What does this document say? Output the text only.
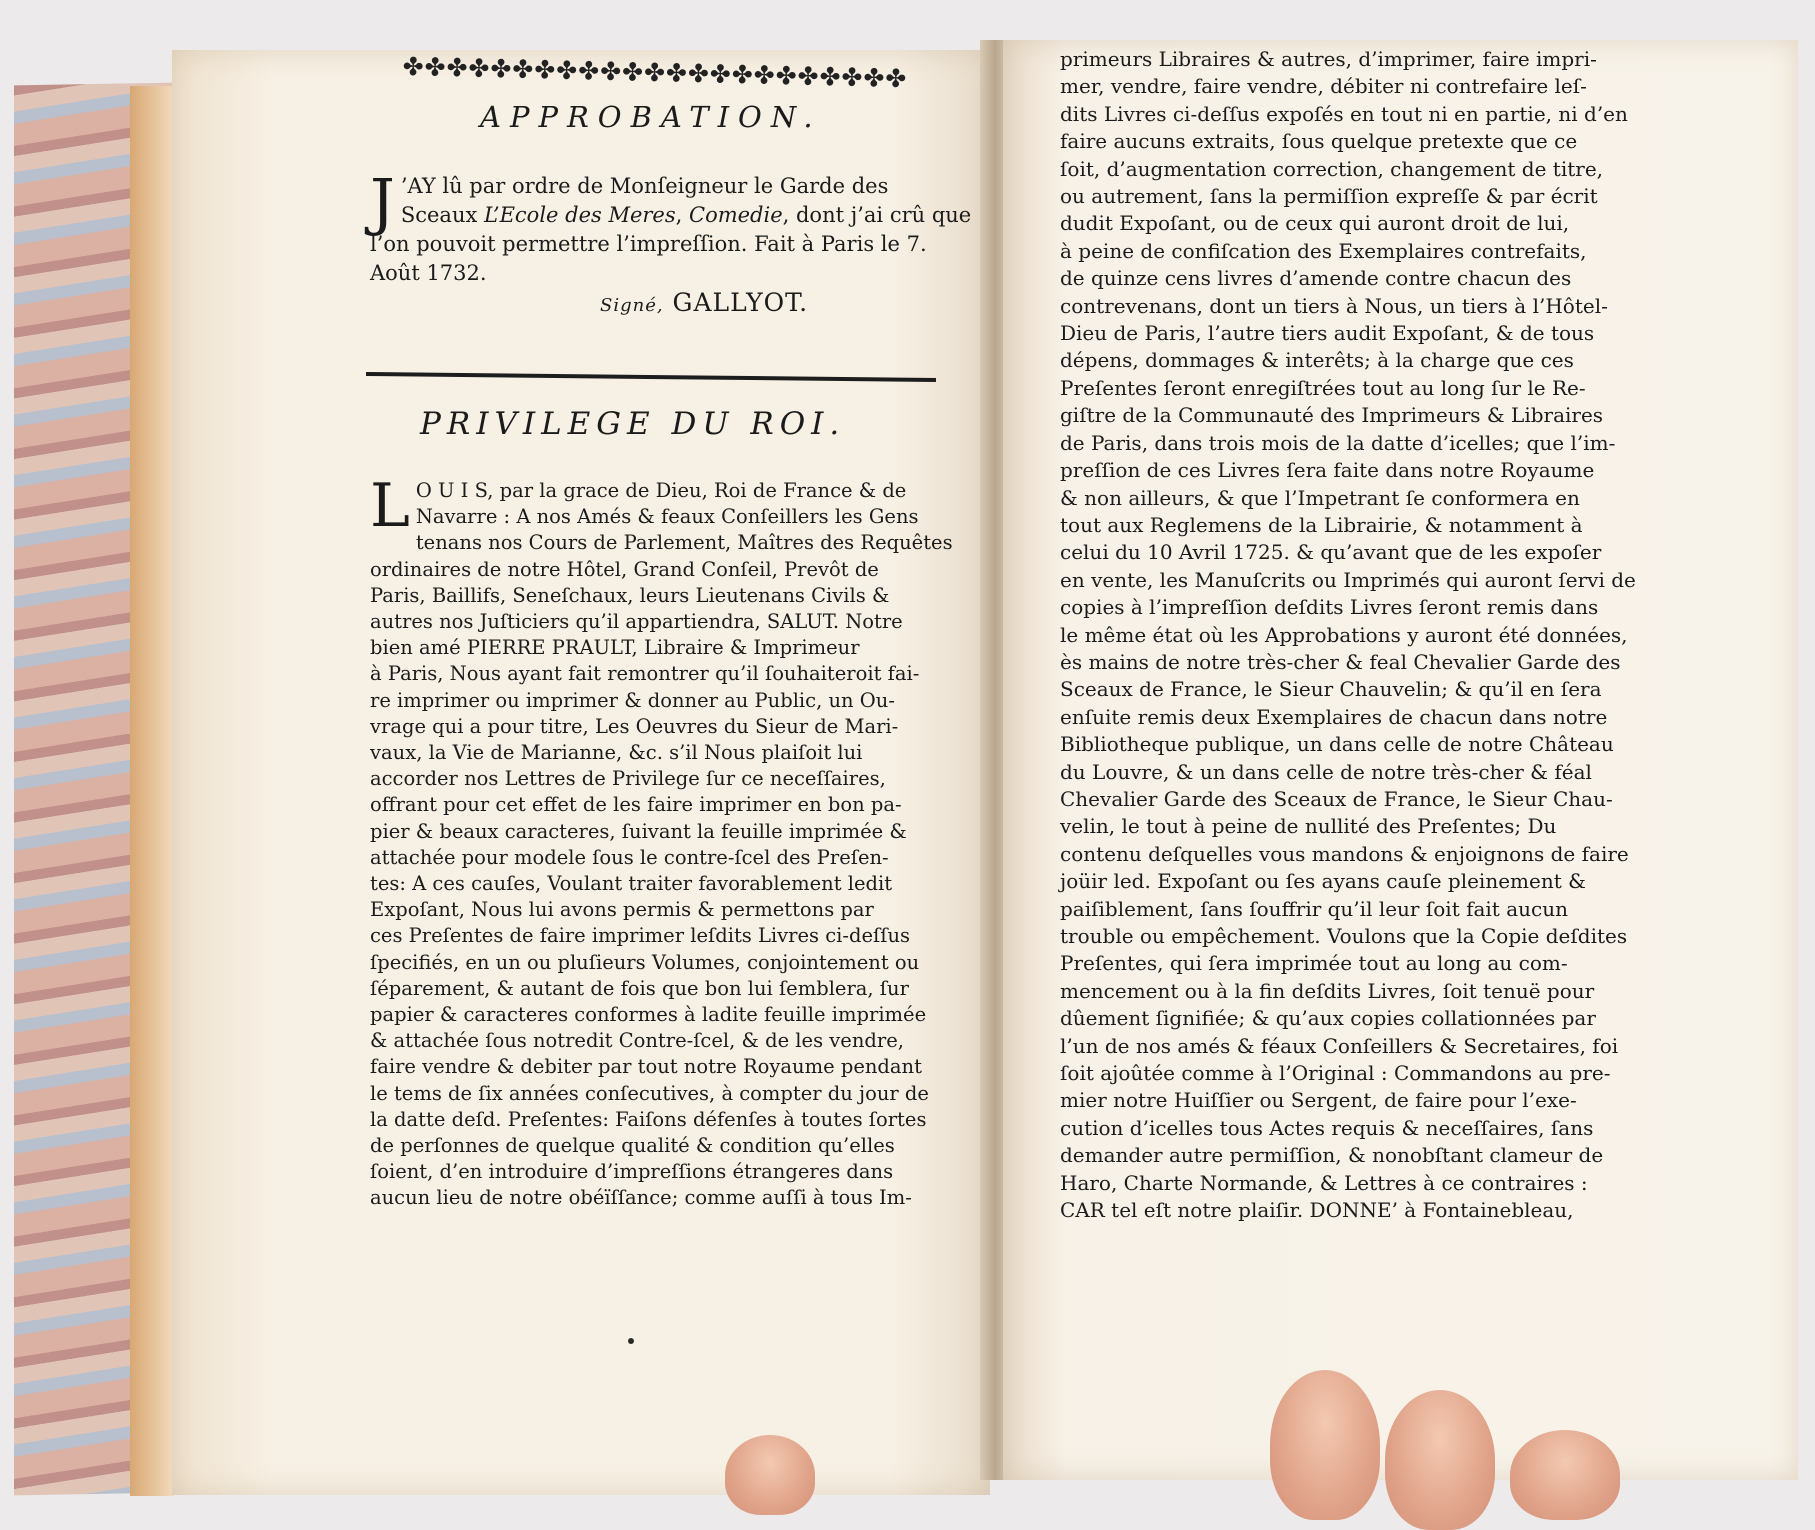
✤✤✤✤✤✤✤✤✤✤✤✤✤✤✤✤✤✤✤✤✤✤✤
APPROBATION.
J ’AY lû par ordre de Monſeigneur le Garde des
Sceaux L’Ecole des Meres, Comedie, dont j’ai crû que
l’on pouvoit permettre l’impreſſion. Fait à Paris le 7.
Août 1732.
Signé, GALLYOT.
PRIVILEGE DU ROI.
L O U I S, par la grace de Dieu, Roi de France & de
Navarre : A nos Amés & feaux Conſeillers les Gens
tenans nos Cours de Parlement, Maîtres des Requêtes
ordinaires de notre Hôtel, Grand Conſeil, Prevôt de
Paris, Baillifs, Seneſchaux, leurs Lieutenans Civils &
autres nos Juſticiers qu’il appartiendra, SALUT. Notre
bien amé PIERRE PRAULT, Libraire & Imprimeur
à Paris, Nous ayant fait remontrer qu’il ſouhaiteroit fai-
re imprimer ou imprimer & donner au Public, un Ou-
vrage qui a pour titre, Les Oeuvres du Sieur de Mari-
vaux, la Vie de Marianne, &c. s’il Nous plaiſoit lui
accorder nos Lettres de Privilege ſur ce neceſſaires,
offrant pour cet effet de les faire imprimer en bon pa-
pier & beaux caracteres, ſuivant la feuille imprimée &
attachée pour modele ſous le contre-ſcel des Preſen-
tes: A ces cauſes, Voulant traiter favorablement ledit
Expoſant, Nous lui avons permis & permettons par
ces Preſentes de faire imprimer leſdits Livres ci-deſſus
ſpecifiés, en un ou pluſieurs Volumes, conjointement ou
ſéparement, & autant de fois que bon lui ſemblera, ſur
papier & caracteres conformes à ladite feuille imprimée
& attachée ſous notredit Contre-ſcel, & de les vendre,
faire vendre & debiter par tout notre Royaume pendant
le tems de ſix années conſecutives, à compter du jour de
la datte deſd. Preſentes: Faiſons défenſes à toutes ſortes
de perſonnes de quelque qualité & condition qu’elles
ſoient, d’en introduire d’impreſſions étrangeres dans
aucun lieu de notre obéïſſance; comme auſſi à tous Im-
primeurs Libraires & autres, d’imprimer, faire impri-
mer, vendre, faire vendre, débiter ni contrefaire leſ-
dits Livres ci-deſſus expoſés en tout ni en partie, ni d’en
faire aucuns extraits, ſous quelque pretexte que ce
ſoit, d’augmentation correction, changement de titre,
ou autrement, ſans la permiſſion expreſſe & par écrit
dudit Expoſant, ou de ceux qui auront droit de lui,
à peine de confiſcation des Exemplaires contrefaits,
de quinze cens livres d’amende contre chacun des
contrevenans, dont un tiers à Nous, un tiers à l’Hôtel-
Dieu de Paris, l’autre tiers audit Expoſant, & de tous
dépens, dommages & interêts; à la charge que ces
Preſentes ſeront enregiſtrées tout au long ſur le Re-
giſtre de la Communauté des Imprimeurs & Libraires
de Paris, dans trois mois de la datte d’icelles; que l’im-
preſſion de ces Livres ſera faite dans notre Royaume
& non ailleurs, & que l’Impetrant ſe conformera en
tout aux Reglemens de la Librairie, & notamment à
celui du 10 Avril 1725. & qu’avant que de les expoſer
en vente, les Manuſcrits ou Imprimés qui auront ſervi de
copies à l’impreſſion deſdits Livres ſeront remis dans
le même état où les Approbations y auront été données,
ès mains de notre très-cher & feal Chevalier Garde des
Sceaux de France, le Sieur Chauvelin; & qu’il en ſera
enſuite remis deux Exemplaires de chacun dans notre
Bibliotheque publique, un dans celle de notre Château
du Louvre, & un dans celle de notre très-cher & féal
Chevalier Garde des Sceaux de France, le Sieur Chau-
velin, le tout à peine de nullité des Preſentes; Du
contenu deſquelles vous mandons & enjoignons de faire
joüir led. Expoſant ou ſes ayans cauſe pleinement &
paiſiblement, ſans ſouffrir qu’il leur ſoit fait aucun
trouble ou empêchement. Voulons que la Copie deſdites
Preſentes, qui ſera imprimée tout au long au com-
mencement ou à la fin deſdits Livres, ſoit tenuë pour
dûement ſignifiée; & qu’aux copies collationnées par
l’un de nos amés & féaux Conſeillers & Secretaires, foi
ſoit ajoûtée comme à l’Original : Commandons au pre-
mier notre Huiſſier ou Sergent, de faire pour l’exe-
cution d’icelles tous Actes requis & neceſſaires, ſans
demander autre permiſſion, & nonobſtant clameur de
Haro, Charte Normande, & Lettres à ce contraires :
CAR tel eſt notre plaiſir. DONNE’ à Fontainebleau,
